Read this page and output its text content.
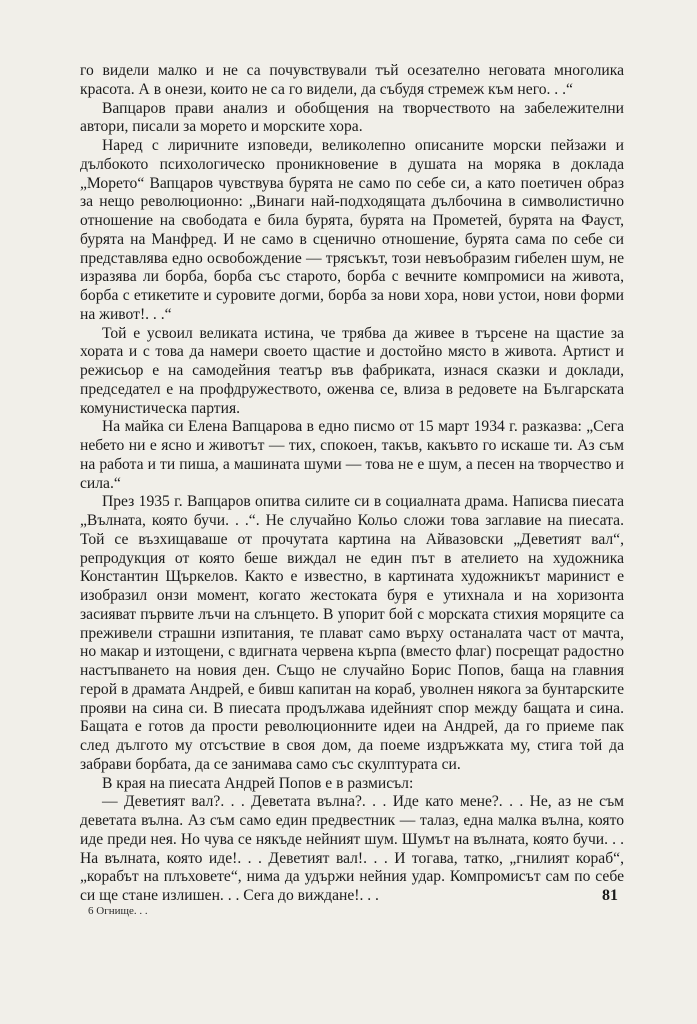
го видели малко и не са почувствували тъй осезателно неговата многолика красота. А в онези, които не са го видели, да събудя стремеж към него. . .“

Вапцаров прави анализ и обобщения на творчеството на забележителни автори, писали за морето и морските хора.

Наред с лиричните изповеди, великолепно описаните морски пейзажи и дълбокото психологическо проникновение в душата на моряка в доклада „Морето“ Вапцаров чувствува бурята не само по себе си, а като поетичен образ за нещо революционно: „Винаги най-подходящата дълбочина в символистично отношение на свободата е била бурята, бурята на Прометей, бурята на Фауст, бурята на Манфред. И не само в сценично отношение, бурята сама по себе си представлява едно освобождение — трясъкът, този невъобразим гибелен шум, не изразява ли борба, борба със старото, борба с вечните компромиси на живота, борба с етикетите и суровите догми, борба за нови хора, нови устои, нови форми на живот!. . .“

Той е усвоил великата истина, че трябва да живее в търсене на щастие за хората и с това да намери своето щастие и достойно място в живота. Артист и режисьор е на самодейния театър във фабриката, изнася сказки и доклади, председател е на профдружеството, оженва се, влиза в редовете на Българската комунистическа партия.

На майка си Елена Вапцарова в едно писмо от 15 март 1934 г. разказва: „Сега небето ни е ясно и животът — тих, спокоен, такъв, какъвто го искаше ти. Аз съм на работа и ти пиша, а машината шуми — това не е шум, а песен на творчество и сила.“

През 1935 г. Вапцаров опитва силите си в социалната драма. Написва пиесата „Вълната, която бучи. . .“. Не случайно Кольо сложи това заглавие на пиесата. Той се възхищаваше от прочутата картина на Айвазовски „Деветият вал“, репродукция от която беше виждал не един път в ателието на художника Константин Щъркелов. Както е известно, в картината художникът маринист е изобразил онзи момент, когато жестоката буря е утихнала и на хоризонта засияват първите лъчи на слънцето. В упорит бой с морската стихия моряците са преживели страшни изпитания, те плават само върху останалата част от мачта, но макар и изтощени, с вдигната червена кърпа (вместо флаг) посрещат радостно настъпването на новия ден. Също не случайно Борис Попов, баща на главния герой в драмата Андрей, е бивш капитан на кораб, уволнен някога за бунтарските прояви на сина си. В пиесата продължава идейният спор между бащата и сина. Бащата е готов да прости революционните идеи на Андрей, да го приеме пак след дългото му отсъствие в своя дом, да поеме издръжката му, стига той да забрави борбата, да се занимава само със скулптурата си.

В края на пиесата Андрей Попов е в размисъл:

— Деветият вал?. . . Деветата вълна?. . . Иде като мене?. . . Не, аз не съм деветата вълна. Аз съм само един предвестник — талаз, една малка вълна, която иде преди нея. Но чува се някъде нейният шум. Шумът на вълната, която бучи. . . На вълната, която иде!. . . Деветият вал!. . . И тогава, татко, „гнилият кораб“, „корабът на плъховете“, нима да удържи нейния удар. Компромисът сам по себе си ще стане излишен. . . Сега до виждане!. . .

6 Огнище. . .
81
